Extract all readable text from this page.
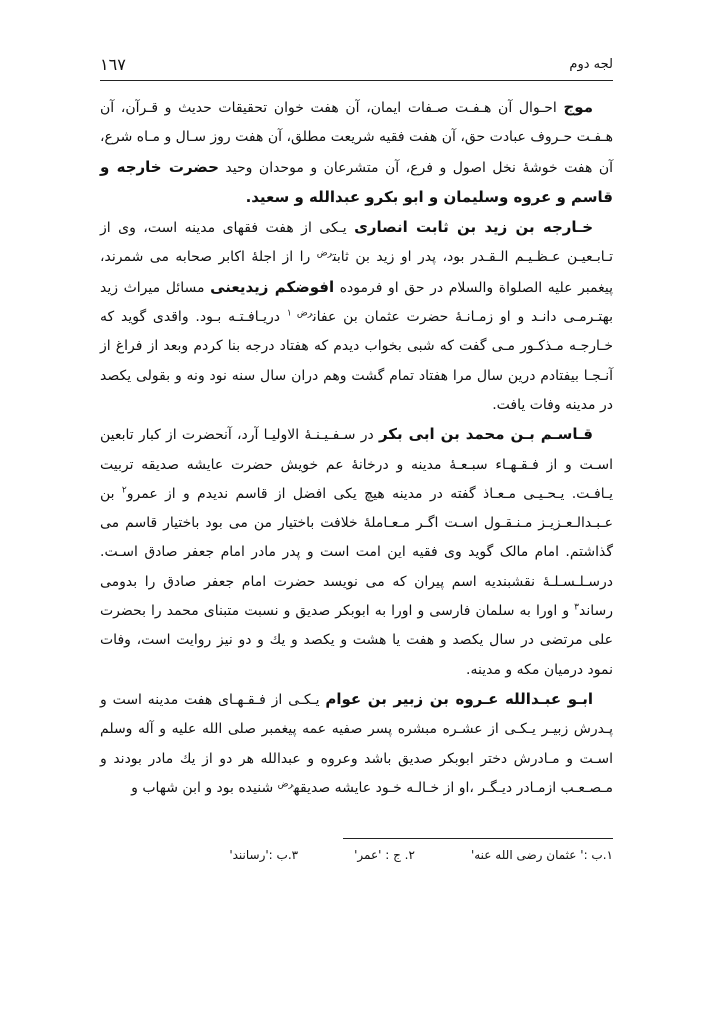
١٦٧	لجه دوم

موج احـوال آن هـفـت صـفات ایمان، آن هفت خوان تحقیقات حدیث و قـرآن، آن هـفـت حـروف عبادت حق، آن هفت فقیه شریعت مطلق، آن هفت روز سـال و مـاه شرع، آن هفت خوشهٔ نخل اصول و فرع، آن متشرعان و موحدان وحید حضرت خارجه و قاسم و عروه وسلیمان و ابو بکرو عبدالله و سعید.

خـارجه بن زید بن ثابت انصاری یـکی از هفت فقهای مدینه است، وی از تـابـعیـن عـظـیـم الـقـدر بود، پدر او زید بن ثابت$^{رض}$ را از اجلهٔ اکابر صحابه می شمرند، پیغمبر علیه الصلواة والسلام در حق او فرموده افوضکم زیدیعنی مسائل میراث زید بهتـرمـی دانـد و او زمـانـهٔ حضرت عثمان بن عفان$^{رض ١}$ دریـافـتـه بـود. واقدی گوید که خـارجـه مـذکـور مـی گفت که شبی بخواب دیدم که هفتاد درجه بنا کردم وبعد از فراغ از آنـجـا بیفتادم درین سال مرا هفتاد تمام گشت وهم دران سال سنه نود ونه و بقولی یکصد در مدینه وفات یافت.

قـاسـم بـن محمد بن ابی بکر در سـفـیـنـهٔ الاولیـا آرد، آنحضرت از کبار تابعین اسـت و از فـقـهـاء سبـعـهٔ مدینه و درخانهٔ عم خویش حضرت عایشه صدیقه تربیت یـافـت. یـحـیـی مـعـاذ گفته در مدینه هیچ یکی افضل از قاسم ندیدم و از عمرو$^٢$ بن عـبـدالـعـزیـز مـنـقـول اسـت اگـر مـعـاملهٔ خلافت باختیار من می بود باختیار قاسم می گذاشتم. امام مالک گوید وی فقیه این امت است و پدر مادر امام جعفر صادق اسـت. درسـلـسـلـهٔ نقشبندیه اسم پیران که می نویسد حضرت امام جعفر صادق را بدومی رساند$^٣$ و اورا به سلمان فارسی و اورا به ابوبکر صدیق و نسبت متبنای محمد را بحضرت علی مرتضی در سال یکصد و هفت یا هشت و یکصد و یك و دو نیز روایت است، وفات نمود درمیان مکه و مدینه.

ابـو عبـدالله عـروه بن زبیر بن عوام یـکـی از فـقـهـای هفت مدینه است و پـدرش زبیـر یـکـی از عشـره مبشره پسر صفیه عمه پیغمبر صلی الله علیه و آله وسلم اسـت و مـادرش دختر ابوبکر صدیق باشد وعروه و عبدالله هر دو از یك مادر بودند و مـصـعـب ازمـادر دیـگـر ،او از خـالـه خـود عایشه صدیقه$^{رض}$ شنیده بود و ابن شهاب و

١.ب :' عثمان رضی الله عنه'
٢. ج : 'عمر'
٣.ب :'رسانند'
